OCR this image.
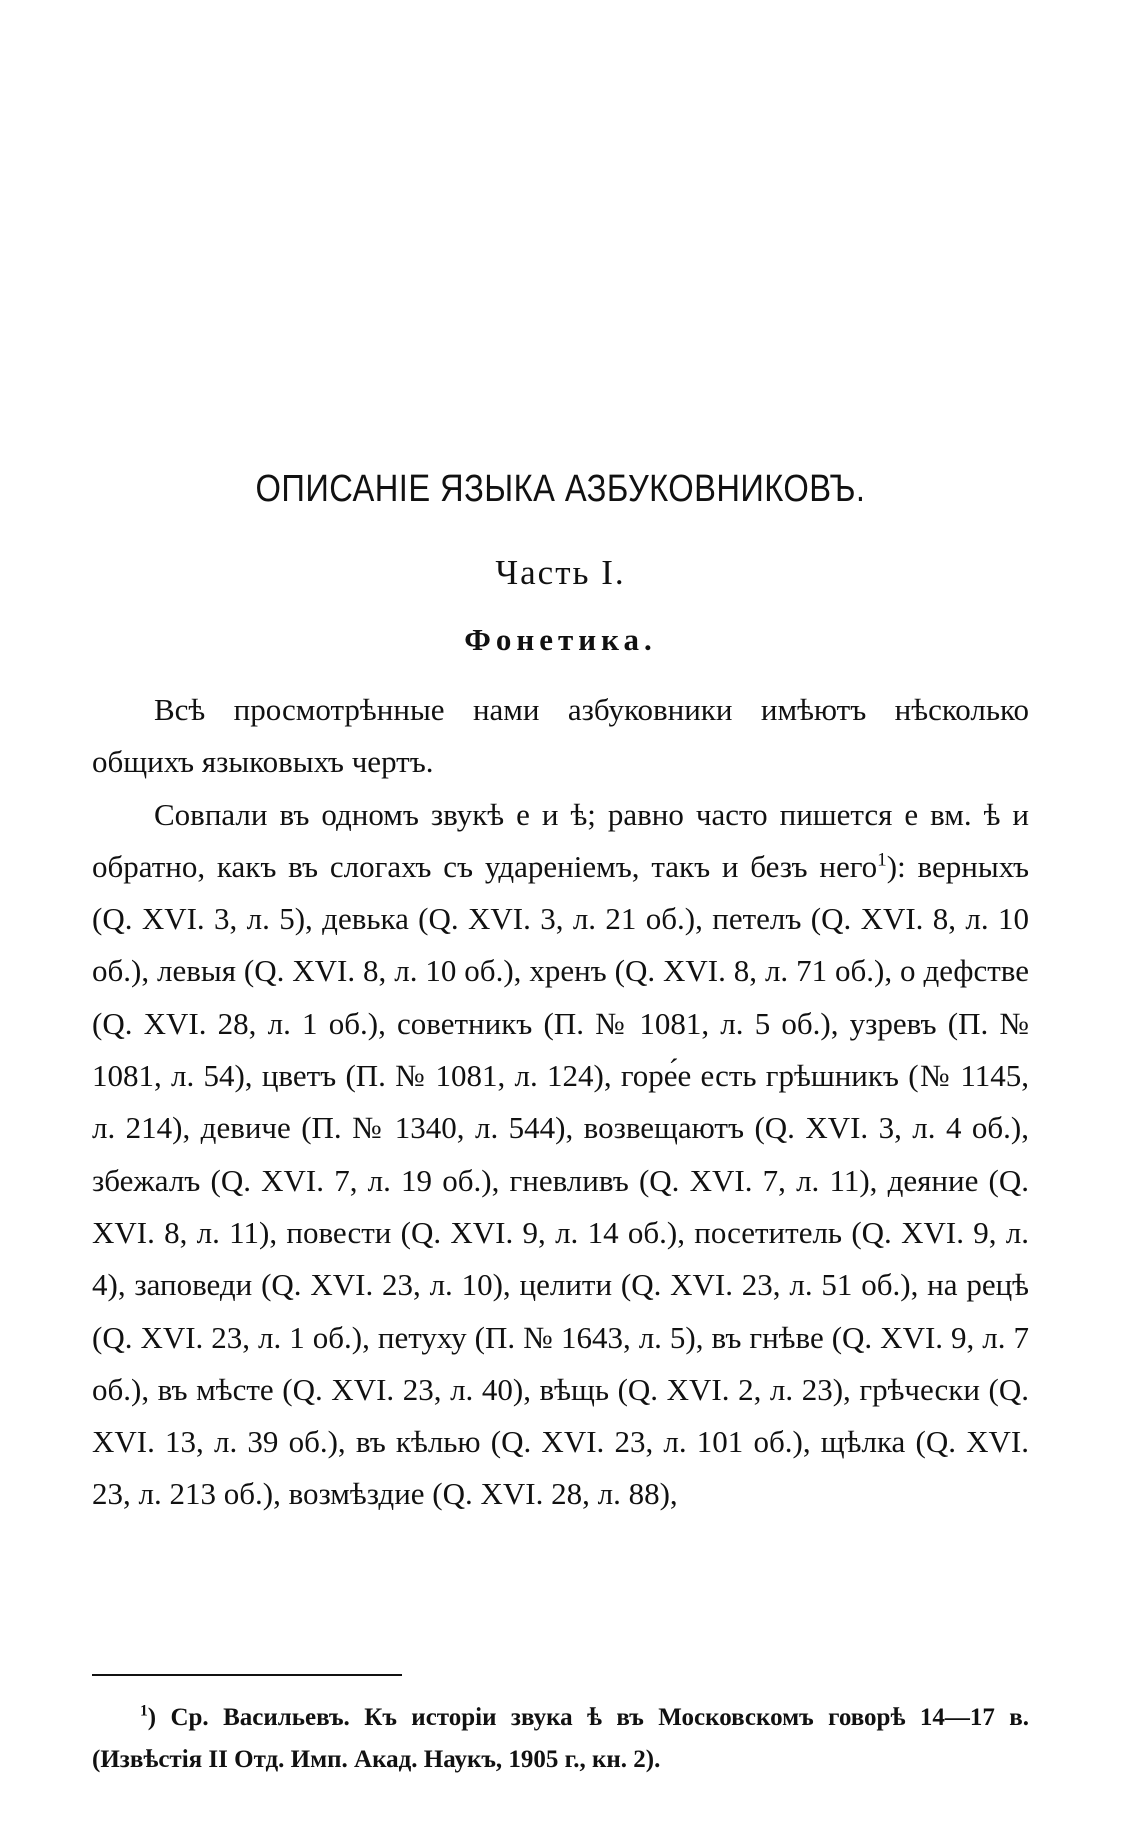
ОПИСАНІЕ ЯЗЫКА АЗБУКОВНИКОВЪ.
Часть I.
Фонетика.

Всѣ просмотрѣнные нами азбуковники имѣютъ нѣсколько общихъ языковыхъ чертъ.

Совпали въ одномъ звукѣ е и ѣ; равно часто пишется е вм. ѣ и обратно, какъ въ слогахъ съ удареніемъ, такъ и безъ него$^1$): верныхъ (Q. XVI. 3, л. 5), девька (Q. XVI. 3, л. 21 об.), петелъ (Q. XVI. 8, л. 10 об.), левыя (Q. XVI. 8, л. 10 об.), хренъ (Q. XVI. 8, л. 71 об.), о дефстве (Q. XVI. 28, л. 1 об.), советникъ (П. № 1081, л. 5 об.), узревъ (П. № 1081, л. 54), цветъ (П. № 1081, л. 124), горе́е есть грѣшникъ (№ 1145, л. 214), девиче (П. № 1340, л. 544), возвещаютъ (Q. XVI. 3, л. 4 об.), збежалъ (Q. XVI. 7, л. 19 об.), гневливъ (Q. XVI. 7, л. 11), деяние (Q. XVI. 8, л. 11), повести (Q. XVI. 9, л. 14 об.), посетитель (Q. XVI. 9, л. 4), заповеди (Q. XVI. 23, л. 10), целити (Q. XVI. 23, л. 51 об.), на рецѣ (Q. XVI. 23, л. 1 об.), петуху (П. № 1643, л. 5), въ гнѣве (Q. XVI. 9, л. 7 об.), въ мѣсте (Q. XVI. 23, л. 40), вѣщь (Q. XVI. 2, л. 23), грѣчески (Q. XVI. 13, л. 39 об.), въ кѣлью (Q. XVI. 23, л. 101 об.), щѣлка (Q. XVI. 23, л. 213 об.), возмѣздие (Q. XVI. 28, л. 88),

$^1$) Ср. Васильевъ. Къ исторіи звука ѣ въ Московскомъ говорѣ 14—17 в. (Извѣстія II Отд. Имп. Акад. Наукъ, 1905 г., кн. 2).
